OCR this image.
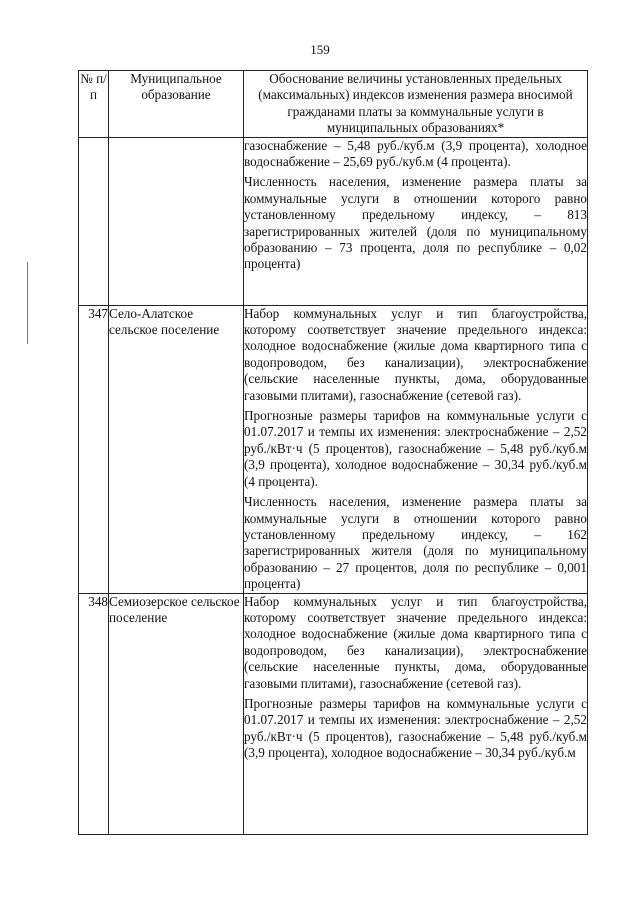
159
№ п/п	Муниципальное образование	Обоснование величины установленных предельных (максимальных) индексов изменения размера вносимой гражданами платы за коммунальные услуги в муниципальных образованиях*

		газоснабжение – 5,48 руб./куб.м (3,9 процента), холодное водоснабжение – 25,69 руб./куб.м (4 процента).
Численность населения, изменение размера платы за коммунальные услуги в отношении которого равно установленному предельному индексу, – 813 зарегистрированных жителей (доля по муниципальному образованию – 73 процента, доля по республике – 0,02 процента)

347	Село-Алатское сельское поселение	Набор коммунальных услуг и тип благоустройства, которому соответствует значение предельного индекса: холодное водоснабжение (жилые дома квартирного типа с водопроводом, без канализации), электроснабжение (сельские населенные пункты, дома, оборудованные газовыми плитами), газоснабжение (сетевой газ).
Прогнозные размеры тарифов на коммунальные услуги с 01.07.2017 и темпы их изменения: электроснабжение – 2,52 руб./кВт·ч (5 процентов), газоснабжение – 5,48 руб./куб.м (3,9 процента), холодное водоснабжение – 30,34 руб./куб.м (4 процента).
Численность населения, изменение размера платы за коммунальные услуги в отношении которого равно установленному предельному индексу, – 162 зарегистрированных жителя (доля по муниципальному образованию – 27 процентов, доля по республике – 0,001 процента)

348	Семиозерское сельское поселение	Набор коммунальных услуг и тип благоустройства, которому соответствует значение предельного индекса: холодное водоснабжение (жилые дома квартирного типа с водопроводом, без канализации), электроснабжение (сельские населенные пункты, дома, оборудованные газовыми плитами), газоснабжение (сетевой газ).
Прогнозные размеры тарифов на коммунальные услуги с 01.07.2017 и темпы их изменения: электроснабжение – 2,52 руб./кВт·ч (5 процентов), газоснабжение – 5,48 руб./куб.м (3,9 процента), холодное водоснабжение – 30,34 руб./куб.м
